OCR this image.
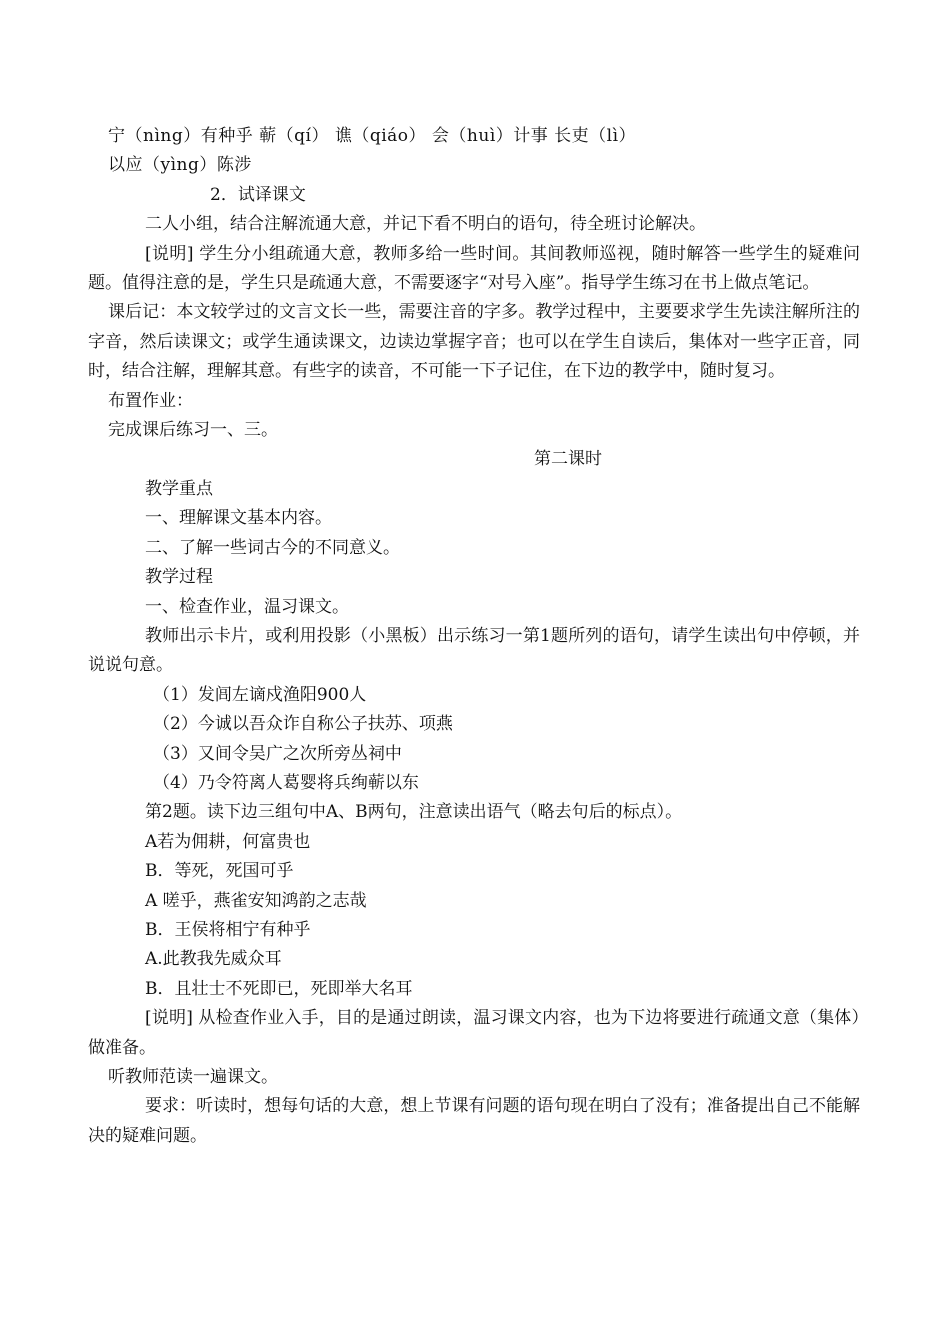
宁（nìng）有种乎 蕲（qí） 谯（qiáo） 会（huì）计事 长吏（lì）
以应（yìng）陈涉
2．试译课文
二人小组，结合注解流通大意，并记下看不明白的语句，待全班讨论解决。
[说明] 学生分小组疏通大意，教师多给一些时间。其间教师巡视，随时解答一些学生的疑难问题。值得注意的是，学生只是疏通大意，不需要逐字“对号入座”。指导学生练习在书上做点笔记。
课后记：本文较学过的文言文长一些，需要注音的字多。教学过程中，主要要求学生先读注解所注的字音，然后读课文；或学生通读课文，边读边掌握字音；也可以在学生自读后，集体对一些字正音，同时，结合注解，理解其意。有些字的读音，不可能一下子记住，在下边的教学中，随时复习。
布置作业：
完成课后练习一、三。
第二课时
教学重点
一、理解课文基本内容。
二、了解一些词古今的不同意义。
教学过程
一、检查作业，温习课文。
教师出示卡片，或利用投影（小黑板）出示练习一第1题所列的语句，请学生读出句中停顿，并说说句意。
（1）发闾左谪戍渔阳900人
（2）今诚以吾众诈自称公子扶苏、项燕
（3）又间令吴广之次所旁丛祠中
（4）乃令符离人葛婴将兵绚蕲以东
第2题。读下边三组句中A、B两句，注意读出语气（略去句后的标点）。
A若为佣耕，何富贵也
B．等死，死国可乎
A 嗟乎，燕雀安知鸿韵之志哉
B．王侯将相宁有种乎
A.此教我先威众耳
B．且壮士不死即已，死即举大名耳
[说明] 从检查作业入手，目的是通过朗读，温习课文内容，也为下边将要进行疏通文意（集体）做准备。
听教师范读一遍课文。
要求：听读时，想每句话的大意，想上节课有问题的语句现在明白了没有；准备提出自己不能解决的疑难问题。
